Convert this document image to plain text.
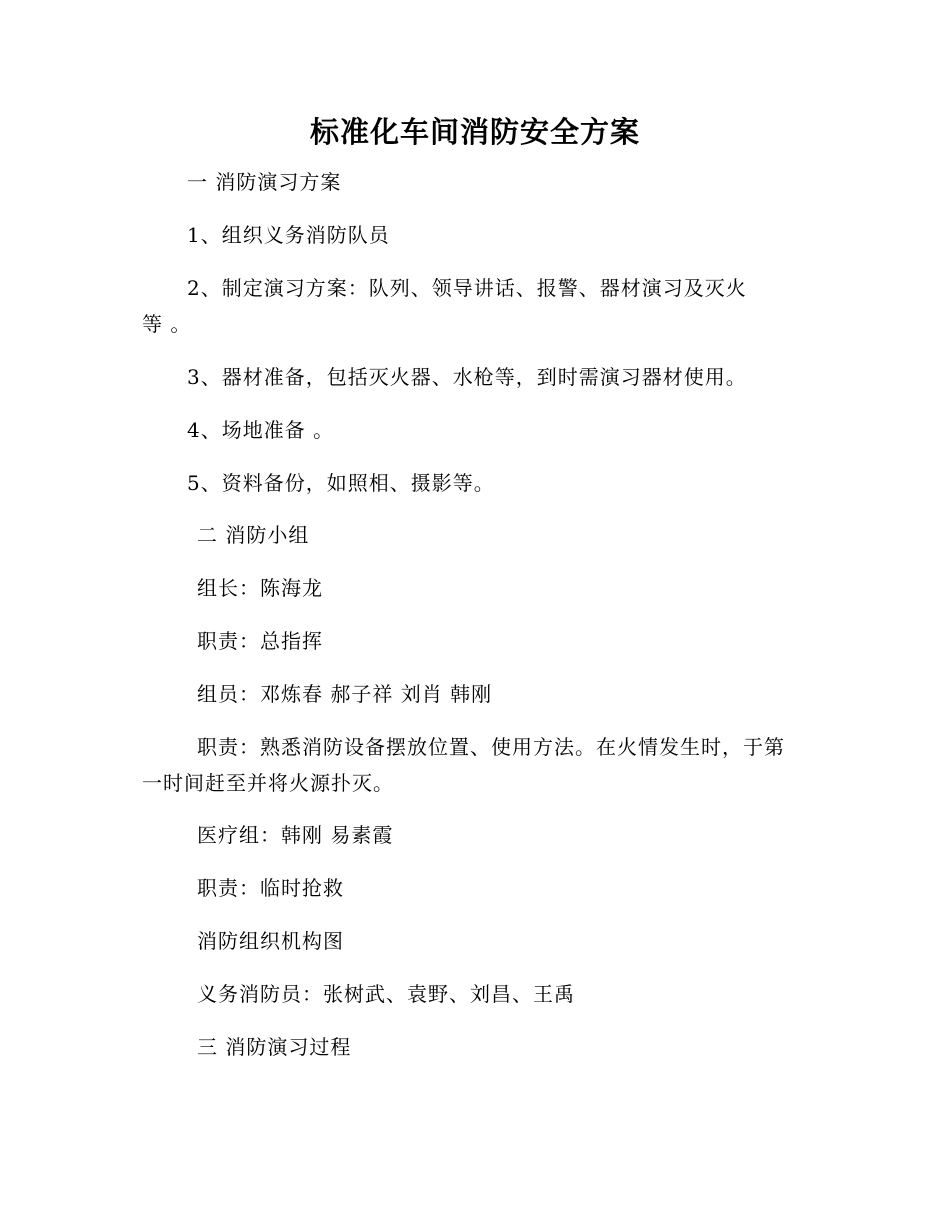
标准化车间消防安全方案
一 消防演习方案
1、组织义务消防队员
2、制定演习方案：队列、领导讲话、报警、器材演习及灭火
等 。
3、器材准备，包括灭火器、水枪等，到时需演习器材使用。
4、场地准备 。
5、资料备份，如照相、摄影等。
二 消防小组
组长：陈海龙
职责：总指挥
组员：邓炼春 郝子祥 刘肖 韩刚
职责：熟悉消防设备摆放位置、使用方法。在火情发生时，于第
一时间赶至并将火源扑灭。
医疗组：韩刚 易素霞
职责：临时抢救
消防组织机构图
义务消防员：张树武、袁野、刘昌、王禹
三 消防演习过程
